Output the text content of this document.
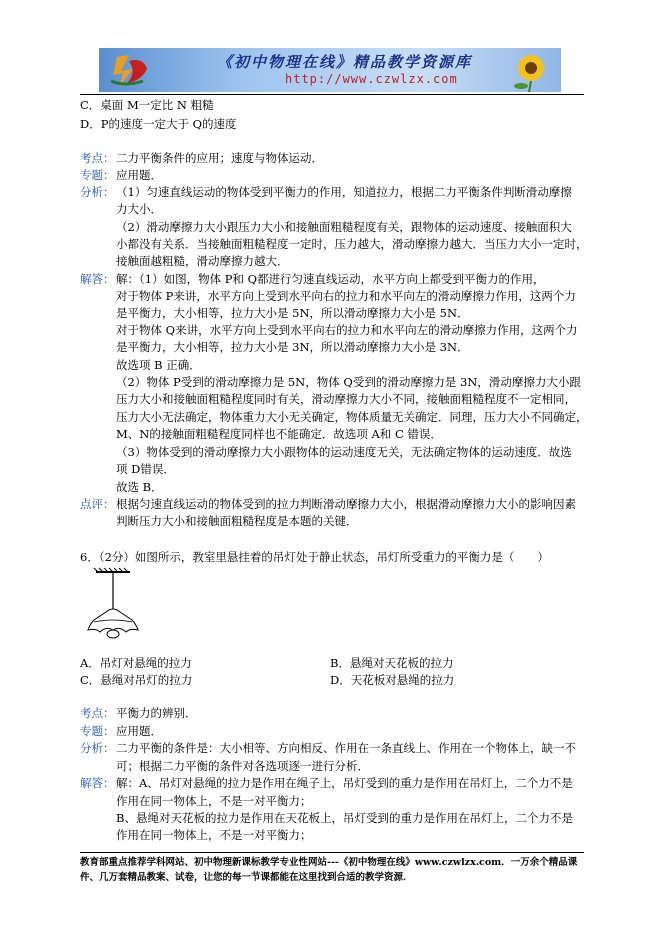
《初中物理在线》精品教学资源库
http://www.czwlzx.com
C．桌面 M一定比 N 粗糙
D．P的速度一定大于 Q的速度
考点： 二力平衡条件的应用；速度与物体运动．
专题： 应用题．
分析： （1）匀速直线运动的物体受到平衡力的作用，知道拉力，根据二力平衡条件判断滑动摩擦
力大小．
（2）滑动摩擦力大小跟压力大小和接触面粗糙程度有关，跟物体的运动速度、接触面积大
小都没有关系．当接触面粗糙程度一定时，压力越大，滑动摩擦力越大．当压力大小一定时，
接触面越粗糙，滑动摩擦力越大．
解答： 解：（1）如图，物体 P和 Q都进行匀速直线运动，水平方向上都受到平衡力的作用，
对于物体 P来讲，水平方向上受到水平向右的拉力和水平向左的滑动摩擦力作用，这两个力
是平衡力，大小相等，拉力大小是 5N，所以滑动摩擦力大小是 5N．
对于物体 Q来讲，水平方向上受到水平向右的拉力和水平向左的滑动摩擦力作用，这两个力
是平衡力，大小相等，拉力大小是 3N，所以滑动摩擦力大小是 3N．
故选项 B 正确．
（2）物体 P受到的滑动摩擦力是 5N，物体 Q受到的滑动摩擦力是 3N，滑动摩擦力大小跟
压力大小和接触面粗糙程度同时有关，滑动摩擦力大小不同，接触面粗糙程度不一定相同，
压力大小无法确定，物体重力大小无关确定，物体质量无关确定．同理，压力大小不同确定，
M、N的接触面粗糙程度同样也不能确定．故选项 A和 C 错误．
（3）物体受到的滑动摩擦力大小跟物体的运动速度无关，无法确定物体的运动速度．故选
项 D错误．
故选 B．
点评： 根据匀速直线运动的物体受到的拉力判断滑动摩擦力大小，根据滑动摩擦力大小的影响因素
判断压力大小和接触面粗糙程度是本题的关键．
6．（2分）如图所示，教室里悬挂着的吊灯处于静止状态，吊灯所受重力的平衡力是（　　）
A．吊灯对悬绳的拉力	B．悬绳对天花板的拉力
C．悬绳对吊灯的拉力	D．天花板对悬绳的拉力
考点： 平衡力的辨别．
专题： 应用题．
分析： 二力平衡的条件是：大小相等、方向相反、作用在一条直线上、作用在一个物体上，缺一不
可；根据二力平衡的条件对各选项逐一进行分析．
解答： 解：A、吊灯对悬绳的拉力是作用在绳子上，吊灯受到的重力是作用在吊灯上，二个力不是
作用在同一物体上，不是一对平衡力；
B、悬绳对天花板的拉力是作用在天花板上，吊灯受到的重力是作用在吊灯上，二个力不是
作用在同一物体上，不是一对平衡力；
教育部重点推荐学科网站、初中物理新课标教学专业性网站---《初中物理在线》www.czwlzx.com．一万余个精品课
件、几万套精品教案、试卷，让您的每一节课都能在这里找到合适的教学资源．
